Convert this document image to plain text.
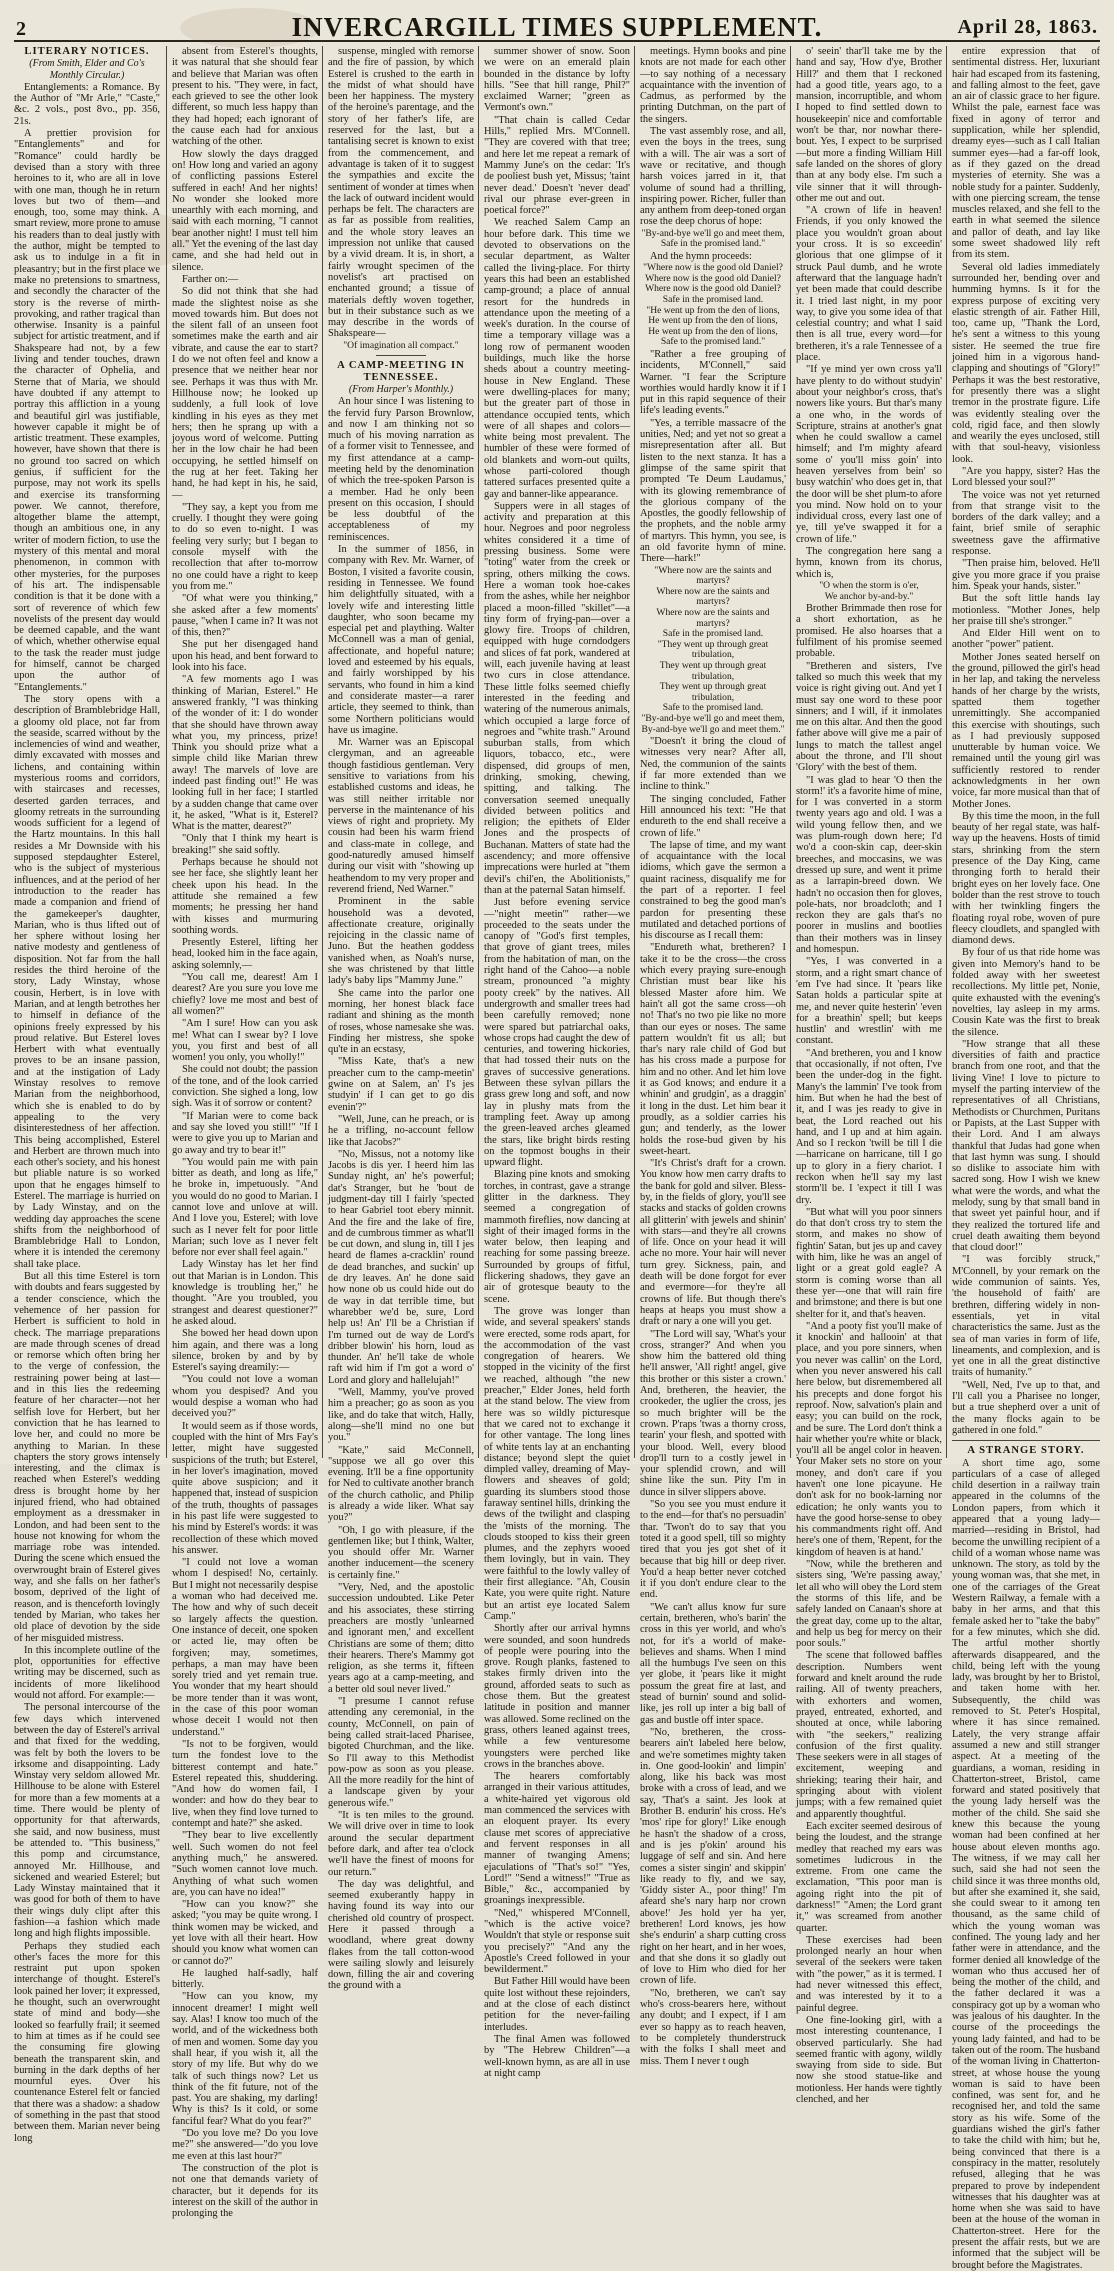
2	INVERCARGILL TIMES SUPPLEMENT.	April 28, 1863.

LITERARY NOTICES.

(From Smith, Elder and Co's Monthly Circular.)

Entanglements: a Romance. By the Author of "Mr Arle," "Caste," &c. 2 vols., post 8vo., pp. 356, 21s.

A prettier provision for "Entanglements" and for "Romance" could hardly be devised than a story with three heroines to it, who are all in love with one man, though he in return loves but two of them—and enough, too, some may think. A smart review, more prone to amuse his readers than to deal justly with the author, might be tempted to ask us to indulge in a fit in pleasantry; but in the first place we make no pretensions to smartness, and secondly the character of the story is the reverse of mirth-provoking, and rather tragical than otherwise. Insanity is a painful subject for artistic treatment, and if Shakspeare had not, by a few living and tender touches, drawn the character of Ophelia, and Sterne that of Maria, we should have doubted if any attempt to portray this affliction in a young and beautiful girl was justifiable, however capable it might be of artistic treatment. These examples, however, have shown that there is no ground too sacred on which genius, if sufficient for the purpose, may not work its spells and exercise its transforming power. We cannot, therefore, altogether blame the attempt, though an ambitious one, in any writer of modern fiction, to use the mystery of this mental and moral phenomenon, in common with other mysteries, for the purposes of his art. The indispensable condition is that it be done with a sort of reverence of which few novelists of the present day would be deemed capable, and the want of which, whether otherwise equal to the task the reader must judge for himself, cannot be charged upon the author of "Entanglements."

The story opens with a description of Bramblebridge Hall, a gloomy old place, not far from the seaside, scarred without by the inclemencies of wind and weather, dimly excavated with mosses and lichens, and containing within mysterious rooms and corridors, with staircases and recesses, deserted garden terraces, and gloomy retreats in the surrounding woods sufficient for a legend of the Hartz mountains. In this hall resides a Mr Downside with his supposed stepdaughter Esterel, who is the subject of mysterious influences, and at the period of her introduction to the reader has made a companion and friend of the gamekeeper's daughter, Marian, who is thus lifted out of her sphere without losing her native modesty and gentleness of disposition. Not far from the hall resides the third heroine of the story, Lady Winstay, whose cousin, Herbert, is in love with Marian, and at length betrothes her to himself in defiance of the opinions freely expressed by his proud relative. But Esterel loves Herbert with what eventually proves to be an insane passion, and at the instigation of Lady Winstay resolves to remove Marian from the neighborhood, which she is enabled to do by appealing to the very disinterestedness of her affection. This being accomplished, Esterel and Herbert are thrown much into each other's society, and his honest but pliable nature is so worked upon that he engages himself to Esterel. The marriage is hurried on by Lady Winstay, and on the wedding day approaches the scene shifts from the neighborhood of Bramblebridge Hall to London, where it is intended the ceremony shall take place.

But all this time Esterel is torn with doubts and fears suggested by a tender conscience, which the vehemence of her passion for Herbert is sufficient to hold in check. The marriage preparations are made through scenes of dread or remorse which often bring her to the verge of confession, the restraining power being at last—and in this lies the redeeming feature of her character—not her selfish love for Herbert, but her conviction that he has learned to love her, and could no more be anything to Marian. In these chapters the story grows intensely interesting, and the climax is reached when Esterel's wedding dress is brought home by her injured friend, who had obtained employment as a dressmaker in London, and had been sent to the house not knowing for whom the marriage robe was intended. During the scene which ensued the overwrought brain of Esterel gives way, and she falls on her father's bosom, deprived of the light of reason, and is thenceforth lovingly tended by Marian, who takes her old place of devotion by the side of her misguided mistress.

In this incomplete outline of the plot, opportunities for effective writing may be discerned, such as incidents of more likelihood would not afford. For example:—

The personal intercourse of the few days which intervened between the day of Esterel's arrival and that fixed for the wedding, was felt by both the lovers to be irksome and disappointing. Lady Winstay very seldom allowed Mr. Hillhouse to be alone with Esterel for more than a few moments at a time. There would be plenty of opportunity for that afterwards, she said, and now business, must be attended to. "This business," this pomp and circumstance, annoyed Mr. Hillhouse, and sickened and wearied Esterel; but Lady Winstay maintained that it was good for both of them to have their wings duly clipt after this fashion—a fashion which made long and high flights impossible.

Perhaps they studied each other's faces the more for this restraint put upon spoken interchange of thought. Esterel's look pained her lover; it expressed, he thought, such an overwrought state of mind and body—she looked so fearfully frail; it seemed to him at times as if he could see the consuming fire glowing beneath the transparent skin, and burning in the dark depths of her mournful eyes. Over his countenance Esterel felt or fancied that there was a shadow: a shadow of something in the past that stood between them. Marian never being long

absent from Esterel's thoughts, it was natural that she should fear and believe that Marian was often present to his. "They were, in fact, each grieved to see the other look different, so much less happy than they had hoped; each ignorant of the cause each had for anxious watching of the other.

How slowly the days dragged on! How long and varied an agony of conflicting passions Esterel suffered in each! And her nights! No wonder she looked more unearthly with each morning, and said with each morning, "I cannot bear another night! I must tell him all." Yet the evening of the last day came, and she had held out in silence.

Farther on:—

So did not think that she had made the slightest noise as she moved towards him. But does not the silent fall of an unseen foot sometimes make the earth and air vibrate, and cause the ear to start? I do we not often feel and know a presence that we neither hear nor see. Perhaps it was thus with Mr. Hillhouse now; he looked up suddenly, a full look of love kindling in his eyes as they met hers; then he sprang up with a joyous word of welcome. Putting her in the low chair he had been occupying, he settled himself on the rug at her feet. Taking her hand, he had kept in his, he said,—

"They say, a kept you from me cruelly. I thought they were going to do so even to-night. I was feeling very surly; but I began to console myself with the recollection that after to-morrow no one could have a right to keep you from me."

"Of what were you thinking," she asked after a few moments' pause, "when I came in? It was not of this, then?"

She put her disengaged hand upon his head, and bent forward to look into his face.

"A few moments ago I was thinking of Marian, Esterel." He answered frankly, "I was thinking of the wonder of it: I do wonder that she should have thrown away what you, my princess, prize! Think you should prize what a simple child like Marian threw away! The marvels of love are indeed past finding out!" He was looking full in her face; I startled by a sudden change that came over it, he asked, "What is it, Esterel? What is the matter, dearest?"

"Only that I think my heart is breaking!" she said softly.

Perhaps because he should not see her face, she slightly leant her cheek upon his head. In the attitude she remained a few moments; he pressing her hand with kisses and murmuring soothing words.

Presently Esterel, lifting her head, looked him in the face again, asking solemnly,—

"You call me, dearest! Am I dearest? Are you sure you love me chiefly? love me most and best of all women?"

"Am I sure! How can you ask me! What can I swear by? I love you, you first and best of all women! you only, you wholly!"

She could not doubt; the passion of the tone, and of the look carried conviction. She sighed a long, low sigh. Was it of sorrow or content?

"If Marian were to come back and say she loved you still!" "If I were to give you up to Marian and go away and try to bear it!"

"You would pain me with pain bitter as death, and long as life," he broke in, impetuously. "And you would do no good to Marian. I cannot love and unlove at will. And I love you, Esterel; with love such as I never felt for poor little Marian; such love as I never felt before nor ever shall feel again."

Lady Winstay has let her find out that Marian is in London. This knowledge is troubling her," he thought. "Are you troubled, you strangest and dearest questioner?" he asked aloud.

She bowed her head down upon him again, and there was a long silence, broken by and by by Esterel's saying dreamily:—

"You could not love a woman whom you despised? And you would despise a woman who had deceived you?"

It would seem as if those words, coupled with the hint of Mrs Fay's letter, might have suggested suspicions of the truth; but Esterel, in her lover's imagination, moved quite above suspicion; and it happened that, instead of suspicion of the truth, thoughts of passages in his past life were suggested to his mind by Esterel's words: it was recollection of these which moved his answer.

"I could not love a woman whom I despised! No, certainly. But I might not necessarily despise a woman who had deceived me. The how and why of such deceit so largely affects the question. One instance of deceit, one spoken or acted lie, may often be forgiven; may, sometimes, perhaps, a man may have been sorely tried and yet remain true. You wonder that my heart should be more tender than it was wont, in the case of this poor woman whose deceit I would not then understand."

"Is not to be forgiven, would turn the fondest love to the bitterest contempt and hate." Esterel repeated this, shuddering. "And how do women fail, I wonder: and how do they bear to live, when they find love turned to contempt and hate?" she asked.

"They bear to live excellently well. Such women do not feel anything much," he answered. "Such women cannot love much. Anything of what such women are, you can have no idea!"

"How can you know?" she asked; "you may be quite wrong. I think women may be wicked, and yet love with all their heart. How should you know what women can or cannot do?"

He laughed half-sadly, half bitterly.

"How can you know, my innocent dreamer! I might well say. Alas! I know too much of the world, and of the wickedness both of men and women. Some day you shall hear, if you wish it, all the story of my life. But why do we talk of such things now? Let us think of the fit future, not of the past. You are shaking, my darling! Why is this? Is it cold, or some fanciful fear? What do you fear?"

"Do you love me? Do you love me?" she answered—"do you love me even at this last hour?"

The construction of the plot is not one that demands variety of character, but it depends for its interest on the skill of the author in prolonging the

suspense, mingled with remorse and the fire of passion, by which Esterel is crushed to the earth in the midst of what should have been her happiness. The mystery of the heroine's parentage, and the story of her father's life, are reserved for the last, but a tantalising secret is known to exist from the commencement, and advantage is taken of it to suggest the sympathies and excite the sentiment of wonder at times when the lack of outward incident would perhaps be felt. The characters are as far as possible from realities, and the whole story leaves an impression not unlike that caused by a vivid dream. It is, in short, a fairly wrought specimen of the novelist's art practised on enchanted ground; a tissue of materials deftly woven together, but in their substance such as we may describe in the words of Shakspeare—

"Of imagination all compact."

A CAMP-MEETING IN TENNESSEE.

(From Harper's Monthly.)

An hour since I was listening to the fervid fury Parson Brownlow, and now I am thinking not so much of his moving narration as of a former visit to Tennessee, and my first attendance at a camp-meeting held by the denomination of which the tree-spoken Parson is a member. Had he only been present on this occasion, I should be less doubtful of the acceptableness of my reminiscences.

In the summer of 1856, in company with Rev. Mr. Warner, of Boston, I visited a favorite cousin, residing in Tennessee. We found him delightfully situated, with a lovely wife and interesting little daughter, who soon became my especial pet and plaything. Walter McConnell was a man of genial, affectionate, and hopeful nature; loved and esteemed by his equals, and fairly worshipped by his servants, who found in him a kind and considerate master—a rarer article, they seemed to think, than some Northern politicians would have us imagine.

Mr. Warner was an Episcopal clergyman, and an agreeable though fastidious gentleman. Very sensitive to variations from his established customs and ideas, he was still neither irritable nor perverse in the maintenance of his views of right and propriety. My cousin had been his warm friend and class-mate in college, and good-naturedly amused himself during our visit with "showing up heathendom to my very proper and reverend friend, Ned Warner."

Prominent in the sable household was a devoted, affectionate creature, originally rejoicing in the classic name of Juno. But the heathen goddess vanished when, as Noah's nurse, she was christened by that little lady's baby lips "Mammy June."

She came into the parlor one morning, her honest black face radiant and shining as the month of roses, whose namesake she was. Finding her mistress, she spoke qu'te in an ecstasy,

"Miss Kate, that's a new preacher cum to the camp-meetin' gwine on at Salem, an' I's jes studyin' if I can get to go dis evenin'?"

"Well, June, can he preach, or is he a trifling, no-account fellow like that Jacobs?"

"No, Missus, not a notomy like Jacobs is dis yer. I heerd him las Sunday night, an' he's powerful; dat's Stranger, but he 'bout de judgment-day till I fairly 'spected to hear Gabriel toot ebery minnit. And the fire and the lake of fire, and de cumbrous timmer as what'll be cut down, and slung in, till I jes heard de flames a-cracklin' round de dead branches, and suckin' up de dry leaves. An' he done said how none ob us could hide out do de way in dat terrible time, but wharebber we'd be, sure, Lord help us! An' I'll be a Christian if I'm turned out de way de Lord's dribber blowin' his horn, loud as thunder. An' he'll take de whole raft wid him if I'm got a word o' Lord and glory and hallelujah!"

"Well, Mammy, you've proved him a preacher; go as soon as you like, and do take that witch, Hally, along—she'll mind no one but you."

"Kate," said McConnell, "suppose we all go over this evening. It'll be a fine opportunity for Ned to cultivate another branch of the church catholic, and Philip is already a wide liker. What say you?"

"Oh, I go with pleasure, if the gentlemen like; but I think, Walter, you should offer Mr. Warner another inducement—the scenery is certainly fine."

"Very, Ned, and the apostolic succession undoubted. Like Peter and his associates, these stirring preachers are mostly 'unlearned and ignorant men,' and excellent Christians are some of them; ditto their hearers. There's Mammy got religion, as she terms it, fifteen years ago at a camp-meeting, and a better old soul never lived."

"I presume I cannot refuse attending any ceremonial, in the county, McConnell, on pain of being called strait-laced Pharisee, bigoted Churchman, and the like. So I'll away to this Methodist pow-pow as soon as you please. All the more readily for the hint of a landscape given by your generous wife."

"It is ten miles to the ground. We will drive over in time to look around the secular department before dark, and after tea o'clock we'll have the finest of moons for our return."

The day was delightful, and seemed exuberantly happy in having found its way into our cherished old country of prospect. Here it passed through a woodland, where great downy flakes from the tall cotton-wood were sailing slowly and leisurely down, filling the air and covering the ground with a

summer shower of snow. Soon we were on an emerald plain bounded in the distance by lofty hills. "See that hill range, Phil?" exclaimed Warner; "green as Vermont's own."

"That chain is called Cedar Hills," replied Mrs. M'Connell. "They are covered with that tree; and here let me repeat a remark of Mammy June's on the cedar: 'It's de pooliest bush yet, Missus; 'taint never dead.' Doesn't 'never dead' rival our phrase ever-green in poetical force?"

We reached Salem Camp an hour before dark. This time we devoted to observations on the secular department, as Walter called the living-place. For thirty years this had been an established camp-ground; a place of annual resort for the hundreds in attendance upon the meeting of a week's duration. In the course of time a temporary village was a long row of permanent wooden buildings, much like the horse sheds about a country meeting-house in New England. These were dwelling-places for many; but the greater part of those in attendance occupied tents, which were of all shapes and colors—white being most prevalent. The humbler of these were formed of old blankets and worn-out quilts, whose parti-colored though tattered surfaces presented quite a gay and banner-like appearance.

Suppers were in all stages of activity and preparation at this hour. Negroes and poor negroless whites considered it a time of pressing business. Some were "toting" water from the creek or spring, others milking the cows. Here a woman took hoe-cakes from the ashes, while her neighbor placed a moon-filled "skillet"—a tiny form of frying-pan—over a glowy fire. Troops of children, equipped with huge corndodgers and slices of fat pork, wandered at will, each juvenile having at least two curs in close attendance. These little folks seemed chiefly interested in the feeding and watering of the numerous animals, which occupied a large force of negroes and "white trash." Around suburban stalls, from which liquors, tobacco, etc., were dispensed, did groups of men, drinking, smoking, chewing, spitting, and talking. The conversation seemed unequally divided between politics and religion; the epithets of Elder Jones and the prospects of Buchanan. Matters of state had the ascendency; and more offensive imprecations were hurled at "them devil's chil'en, the Abolitionists," than at the paternal Satan himself.

Just before evening service—"night meetin'" rather—we proceeded to the seats under the canopy of "God's first temples, that grove of giant trees, miles from the habitation of man, on the right hand of the Cahoo—a noble stream, pronounced "a mighty pooty creek" by the natives. All undergrowth and smaller trees had been carefully removed; none were spared but patriarchal oaks, whose crops had caught the dew of centuries, and towering hickories, that had tossed their nuts on the graves of successive generations. Between these sylvan pillars the grass grew long and soft, and now lay in plushy mats from the trampling feet. Away up among the green-leaved arches gleamed the stars, like bright birds resting on the topmost boughs in their upward flight.

Blazing pine knots and smoking torches, in contrast, gave a strange glitter in the darkness. They seemed a congregation of mammoth fireflies, now dancing at sight of their imaged forms in the water below, then leaping and reaching for some passing breeze. Surrounded by groups of fitful, flickering shadows, they gave an air of grotesque beauty to the scene.

The grove was longer than wide, and several speakers' stands were erected, some rods apart, for the accommodation of the vast congregation of hearers. We stopped in the vicinity of the first we reached, although "the new preacher," Elder Jones, held forth at the stand below. The view from here was so wildly picturesque that we cared not to exchange it for other vantage. The long lines of white tents lay at an enchanting distance; beyond slept the quiet dimpled valley, dreaming of May-flowers and sheaves of gold; guarding its slumbers stood those faraway sentinel hills, drinking the dews of the twilight and clasping the 'mists of the morning. The clouds stooped to kiss their green plumes, and the zephyrs wooed them lovingly, but in vain. They were faithful to the lowly valley of their first allegiance. "Ah, Cousin Kate, you were quite right. Nature but an artist eye located Salem Camp."

Shortly after our arrival hymns were sounded, and soon hundreds of people were pouring into the grove. Rough planks, fastened to stakes firmly driven into the ground, afforded seats to such as chose them. But the greatest latitude in position and manner was allowed. Some reclined on the grass, others leaned against trees, while a few venturesome youngsters were perched like crows in the branches above.

The hearers comfortably arranged in their various attitudes, a white-haired yet vigorous old man commenced the services with an eloquent prayer. Its every clause met scores of appreciative and fervent responses in all manner of twanging Amens; ejaculations of "That's so!" "Yes, Lord!" "Send a witness!" "True as Bible," &c., accompanied by groanings inexpressible.

"Ned," whispered M'Connell, "which is the active voice? Wouldn't that style or response suit you precisely?" "And any the Apostle's Creed followed in your bewilderment."

But Father Hill would have been quite lost without these rejoinders, and at the close of each distinct petition for the never-failing interludes.

The final Amen was followed by "The Hebrew Children"—a well-known hymn, as are all in use at night camp

meetings. Hymn books and pine knots are not made for each other—to say nothing of a necessary acquaintance with the invention of Cadmus, as performed by the printing Dutchman, on the part of the singers.

The vast assembly rose, and all, even the boys in the trees, sung with a will. The air was a sort of wave or recitative, and though harsh voices jarred in it, that volume of sound had a thrilling, inspiring power. Richer, fuller than any anthem from deep-toned organ rose the deep chorus of hope:

"By-and-bye we'll go and meet them,
Safe in the promised land."

And the hymn proceeds:

"Where now is the good old Daniel?
Where now is the good old Daniel?
Where now is the good old Daniel?
Safe in the promised land.
"He went up from the den of lions,
He went up from the den of lions,
He went up from the den of lions,
Safe to the promised land."

"Rather a free grouping of incidents, M'Connell," said Warner. "I fear the Scripture worthies would hardly know it if I put in this rapid sequence of their life's leading events."

"Yes, a terrible massacre of the unities, Ned; and yet not so great a misrepresentation after all. But listen to the next stanza. It has a glimpse of the same spirit that prompted 'Te Deum Laudamus,' with its glowing remembrance of the glorious company of the Apostles, the goodly fellowship of the prophets, and the noble army of martyrs. This hymn, you see, is an old favorite hymn of mine. There—hark!"

"Where now are the saints and martyrs?
Where now are the saints and martyrs?
Where now are the saints and martyrs?
Safe in the promised land.
"They went up through great tribulation,
They went up through great tribulation,
They went up through great tribulation,
Safe to the promised land.
"By-and-bye we'll go and meet them,
By-and-bye we'll go and meet them."

"Doesn't it bring the cloud of witnesses very near? After all, Ned, the communion of the saints if far more extended than we incline to think."

The singing concluded, Father Hill announced his text: "He that endureth to the end shall receive a crown of life."

The lapse of time, and my want of acquaintance with the local idioms, which gave the sermon a quaint raciness, disqualify me for the part of a reporter. I feel constrained to beg the good man's pardon for presenting these mutilated and detached portions of his discourse as I recall them:

"Endureth what, bretheren? I take it to be the cross—the cross which every praying sure-enough Christian must bear like his blessed Master afore him. We hain't all got the same cross—oh no! That's no two pie like no more than our eyes or noses. The same pattern wouldn't fit us all; but thar's nary rale child of God but has his cross made a purpose for him and no other. And let him love it as God knows; and endure it a whinin' and grudgin', as a draggin' it long in the dust. Let him bear it proudly, as a soldier carries his gun; and tenderly, as the lower holds the rose-bud given by his sweet-heart.

"It's Christ's draft for a crown. You know how men carry drafts to the bank for gold and silver. Bless-by, in the fields of glory, you'll see stacks and stacks of golden crowns all glitterin' with jewels and shinin' with stars—and they're all crowns of life. Once on your head it will ache no more. Your hair will never turn grey. Sickness, pain, and death will be done forgot for ever and evermore—for they're all crowns of life. But though there's heaps at heaps you must show a draft or nary a one will you get.

"The Lord will say, 'What's your cross, stranger?' And when you show him the battered old thing he'll answer, 'All right! angel, give this brother or this sister a crown.' And, bretheren, the heavier, the crookeder, the uglier the cross, jes so much brighter will be the crown. P'raps 'twas a thorny cross, tearin' your flesh, and spotted with your blood. Well, every blood drop'll turn to a costly jewel in your splendid crown, and will shine like the sun. Pity I'm in dunce in silver slippers above.

"So you see you must endure it to the end—for that's no persuadin' thar. 'Twon't do to say that you toted it a good spell, till so mighty tired that you jes got shet of it because that big hill or deep river. You'd a heap better never cotched it if you don't endure clear to the end.

"We can't allus know fur sure certain, bretheren, who's barin' the cross in this yer world, and who's not, for it's a world of make-believes and shams. When I mind all the humbugs I've seen on this yer globe, it 'pears like it might possum the great fire at last, and stead of burnin' sound and solid-like, jes roll up inter a big ball of gas and bustle off inter space.

"No, bretheren, the cross-bearers ain't labeled here below, and we're sometimes mighty taken in. One good-lookin' and limpin' along, like his back was most broke with a cross of lead, and we say, 'That's a saint. Jes look at Brother B. endurin' his cross. He's 'mos' ripe for glory!' Like enough he hasn't the shadow of a cross, and is jes p'okin' around his luggage of self and sin. And here comes a sister singin' and skippin' like ready to fly, and we say, 'Giddy sister A., poor thing!' I'm afeard she's nary harp nor crown above!' Jes hold yer ha yer, bretheren! Lord knows, jes how she's endurin' a sharp cutting cross right on her heart, and in her woes, and that she dons it so gladly out of love to Him who died for her crown of life.

"No, bretheren, we can't say who's cross-bearers here, without any doubt; and I expect, if I am ever so happy as to reach heaven, to be completely thunderstruck with the folks I shall meet and miss. Them I never t ough

o' seein' thar'll take me by the hand and say, 'How d'ye, Brother Hill?' and them that I reckoned had a good title, years ago, to a mansion, incorruptible, and whom I hoped to find settled down to housekeepin' nice and comfortable won't be thar, nor nowhar there-bout. Yes, I expect to be surprised—but more a finding William Hill safe landed on the shores of glory than at any body else. I'm such a vile sinner that it will through-other me out and out.

"A crown of life in heaven! Friends, if you only knowed the place you wouldn't groan about your cross. It is so exceedin' glorious that one glimpse of it struck Paul dumb, and he wrote afterward that the language hadn't yet been made that could describe it. I tried last night, in my poor way, to give you some idea of that celestial country; and what I said then is all true, every word—for bretheren, it's a rale Tennessee of a place.

"If ye mind yer own cross ya'll have plenty to do without studyin' about your neighbor's cross, that's nowers like yours. But thar's many a one who, in the words of Scripture, strains at another's gnat when he could swallow a camel himself; and I'm mighty afeard some o' you'll miss goin' into heaven yerselves from bein' so busy watchin' who does get in, that the door will be shet plum-to afore you mind. Now hold on to your individual cross, every last one of ye, till ye've swapped it for a crown of life."

The congregation here sang a hymn, known from its chorus, which is,

"O when the storm is o'er,
We anchor by-and-by."

Brother Brimmade then rose for a short exhortation, as he promised. He also hoarses that a fulfilment of his promise seemed probable.

"Bretheren and sisters, I've talked so much this week that my voice is right giving out. And yet I must say one word to these poor sinners; and I will, if it inmolates me on this altar. And then the good father above will give me a pair of lungs to match the tallest angel about the throne, and I'll shout 'Glory' with the best of them.

"I was glad to hear 'O then the storm!' it's a favorite hime of mine, for I was converted in a storm twenty years ago and old. I was a wild young fellow then, and we was plum-rough down here; I'd wo'd a coon-skin cap, deer-skin breeches, and moccasins, we was dressed up sure, and went it prime as a larrapin-breed down. We hadn't no occasion then for gloves, pole-hats, nor broadcloth; and I reckon they are gals that's no poorer in muslins and bootlies than their mothers was in linsey and homespun.

"Yes, I was converted in a storm, and a right smart chance of 'em I've had since. It 'pears like Satan holds a particular spite at me, and never quite hesterin' 'even for a breathin' spell; but keeps hustlin' and wrestlin' with me constant.

"And bretheren, you and I know that occasionally, if not often, I've been the under-dog in the fight. Many's the lammin' I've took from him. But when he had the best of it, and I was jes ready to give in beat, the Lord reached out his hand, and I up and at him again. And so I reckon 'twill be till I die—harricane on harricane, till I go up to glory in a fiery chariot. I reckon when he'll say my last storm'll be. I 'expect it till I was dry.

"But what will you poor sinners do that don't cross try to stem the storm, and makes no show of fightin' Satan, but jes up and cavey with him, like he was an angel of light or a great gold eagle? A storm is coming worse than all these yer—one that will rain fire and brimstone; and there is but one shelter for it, and that's heaven.

"And a pooty fist you'll make of it knockin' and hallooin' at that place, and you pore sinners, when you never was callin' on the Lord, when you never answered his call here below, but disremembered all his precepts and done forgot his reproof. Now, salvation's plain and easy; you can build on the rock, and be sure. The Lord don't think a hair whether you're white or black, you'll all be angel color in heaven. Your Maker sets no store on your money, and don't care if you haven't one lone picayune. He don't ask for no book-larning nor edication; he only wants you to have the good horse-sense to obey his commandments right off. And here's one of them, 'Repent, for the kingdom of heaven is at hand.'

"Now, while the bretheren and sisters sing, 'We're passing away,' let all who will obey the Lord stem the storms of this life, and be safely landed on Canaan's shore at the great day, come up to the altar, and help us beg for mercy on their poor souls."

The scene that followed baffles description. Numbers went forward and knelt around the rude railing. All of twenty preachers, with exhorters and women, prayed, entreated, exhorted, and shouted at once, while laboring with "the seekers," realizing confusion of the first quality. These seekers were in all stages of excitement, weeping and shrieking; tearing their hair, and springing about with violent jumps; with a few remained quiet and apparently thoughtful.

Each exciter seemed desirous of being the loudest, and the strange medley that reached my ears was sometimes ludicrous in the extreme. From one came the exclamation, "This poor man is agoing right into the pit of darkness!" "Amen; the Lord grant it," was screamed from another quarter.

These exercises had been prolonged nearly an hour when several of the seekers were taken with "the power," as it is termed. I had never witnessed this effect, and was interested by it to a painful degree.

One fine-looking girl, with a most interesting countenance, I observed particularly. She had seemed frantic with agony, wildly swaying from side to side. But now she stood statue-like and motionless. Her hands were tightly clenched, and her

entire expression that of sentimental distress. Her, luxuriant hair had escaped from its fastening, and falling almost to the feet, gave an air of classic grace to her figure. Whilst the pale, earnest face was fixed in agony of terror and supplication, while her splendid, dreamy eyes—such as I call Italian summer eyes—had a far-off look, as if they gazed on the dread mysteries of eternity. She was a noble study for a painter. Suddenly, with one piercing scream, the tense muscles relaxed, and she fell to the earth in what seemed the silence and pallor of death, and lay like some sweet shadowed lily reft from its stem.

Several old ladies immediately surrounded her, bending over and humming hymns. Is it for the express purpose of exciting very elastic strength of air. Father Hill, too, came up, "Thank the Lord, he's sent a witness to this young sister. He seemed the true fire joined him in a vigorous hand-clapping and shoutings of "Glory!" Perhaps it was the best restorative, for presently there was a slight tremor in the prostrate figure. Life was evidently stealing over the cold, rigid face, and then slowly and wearily the eyes unclosed, still with that soul-heavy, visionless look.

"Are you happy, sister? Has the Lord blessed your soul?"

The voice was not yet returned from that strange visit to the borders of the dark valley; and a faint, brief smile of seraphic sweetness gave the affirmative response.

"Then praise him, beloved. He'll give you more grace if you praise him. Speak your hands, sister."

But the soft little hands lay motionless. "Mother Jones, help her praise till she's stronger."

And Elder Hill went on to another "power" patient.

Mother Jones seated herself on the ground, pillowed the girl's head in her lap, and taking the nerveless hands of her charge by the wrists, spatted them together unremittingly. She accompanied this exercise with shoutings, such as I had previously supposed unutterable by human voice. We remained until the young girl was sufficiently restored to render acknowledgments in her own voice, far more musical than that of Mother Jones.

By this time the moon, in the full beauty of her regal state, was half-way up the heavens. Hosts of timid stars, shrinking from the stern presence of the Day King, came thronging forth to herald their bright eyes on her lovely face. One bolder than the rest strove to touch with her twinkling fingers the floating royal robe, woven of pure fleecy cloudlets, and spangled with diamond dews.

By four of us that ride home was given into Memory's hand to be folded away with her sweetest recollections. My little pet, Nonie, quite exhausted with the evening's novelties, lay asleep in my arms. Cousin Kate was the first to break the silence.

"How strange that all these diversities of faith and practice branch from one root, and that the living Vine! I love to picture to myself the parting interview of the representatives of all Christians, Methodists or Churchmen, Puritans or Papists, at the Last Supper with their Lord. And I am always thankful that Judas had gone when that last hymn was sung. I should so dislike to associate him with sacred song. How I wish we knew what were the words, and what the melody, sung by that small band in that sweet yet painful hour, and if they realized the tortured life and cruel death awaiting them beyond that cloud door!"

"I was forcibly struck," M'Connell, by your remark on the wide communion of saints. Yes, 'the household of faith' are brethren, differing widely in non-essentials, yet in vital characteristics the same. Just as the sea of man varies in form of life, lineaments, and complexion, and is yet one in all the great distinctive traits of humanity."

"Well, Ned, I've up to that, and I'll call you a Pharisee no longer, but a true shepherd over a unit of the many flocks again to be gathered in one fold."

A STRANGE STORY.

A short time ago, some particulars of a case of alleged child desertion in a railway train appeared in the columns of the London papers, from which it appeared that a young lady—married—residing in Bristol, had become the unwilling recipient of a child of a woman whose name was unknown. The story, as told by the young woman was, that she met, in one of the carriages of the Great Western Railway, a female with a baby in her arms, and that this female asked her to "take the baby" for a few minutes, which she did. The artful mother shortly afterwards disappeared, and the child, being left with the young lady, was brought by her to Bristol, and taken home with her. Subsequently, the child was removed to St. Peter's Hospital, where it has since remained. Lately, the very strange affair assumed a new and still stranger aspect. At a meeting of the guardians, a woman, residing in Chatterton-street, Bristol, came forward and stated positively that the young lady herself was the mother of the child. She said she knew this because the young woman had been confined at her house about eleven months ago. The witness, if we may call her such, said she had not seen the child since it was three months old, but after she examined it, she said, she could swear to it among ten thousand, as the same child of which the young woman was confined. The young lady and her father were in attendance, and the former denied all knowledge of the woman who thus accused her of being the mother of the child, and the father declared it was a conspiracy got up by a woman who was jealous of his daughter. In the course of the proceedings the young lady fainted, and had to be taken out of the room. The husband of the woman living in Chatterton-street, at whose house the young woman is said to have been confined, was sent for, and he recognised her, and told the same story as his wife. Some of the guardians wished the girl's father to take the child with him; but he, being convinced that there is a conspiracy in the matter, resolutely refused, alleging that he was prepared to prove by independent witnesses that his daughter was at home when she was said to have been at the house of the woman in Chatterton-street. Here for the present the affair rests, but we are informed that the subject will be brought before the Magistrates.
